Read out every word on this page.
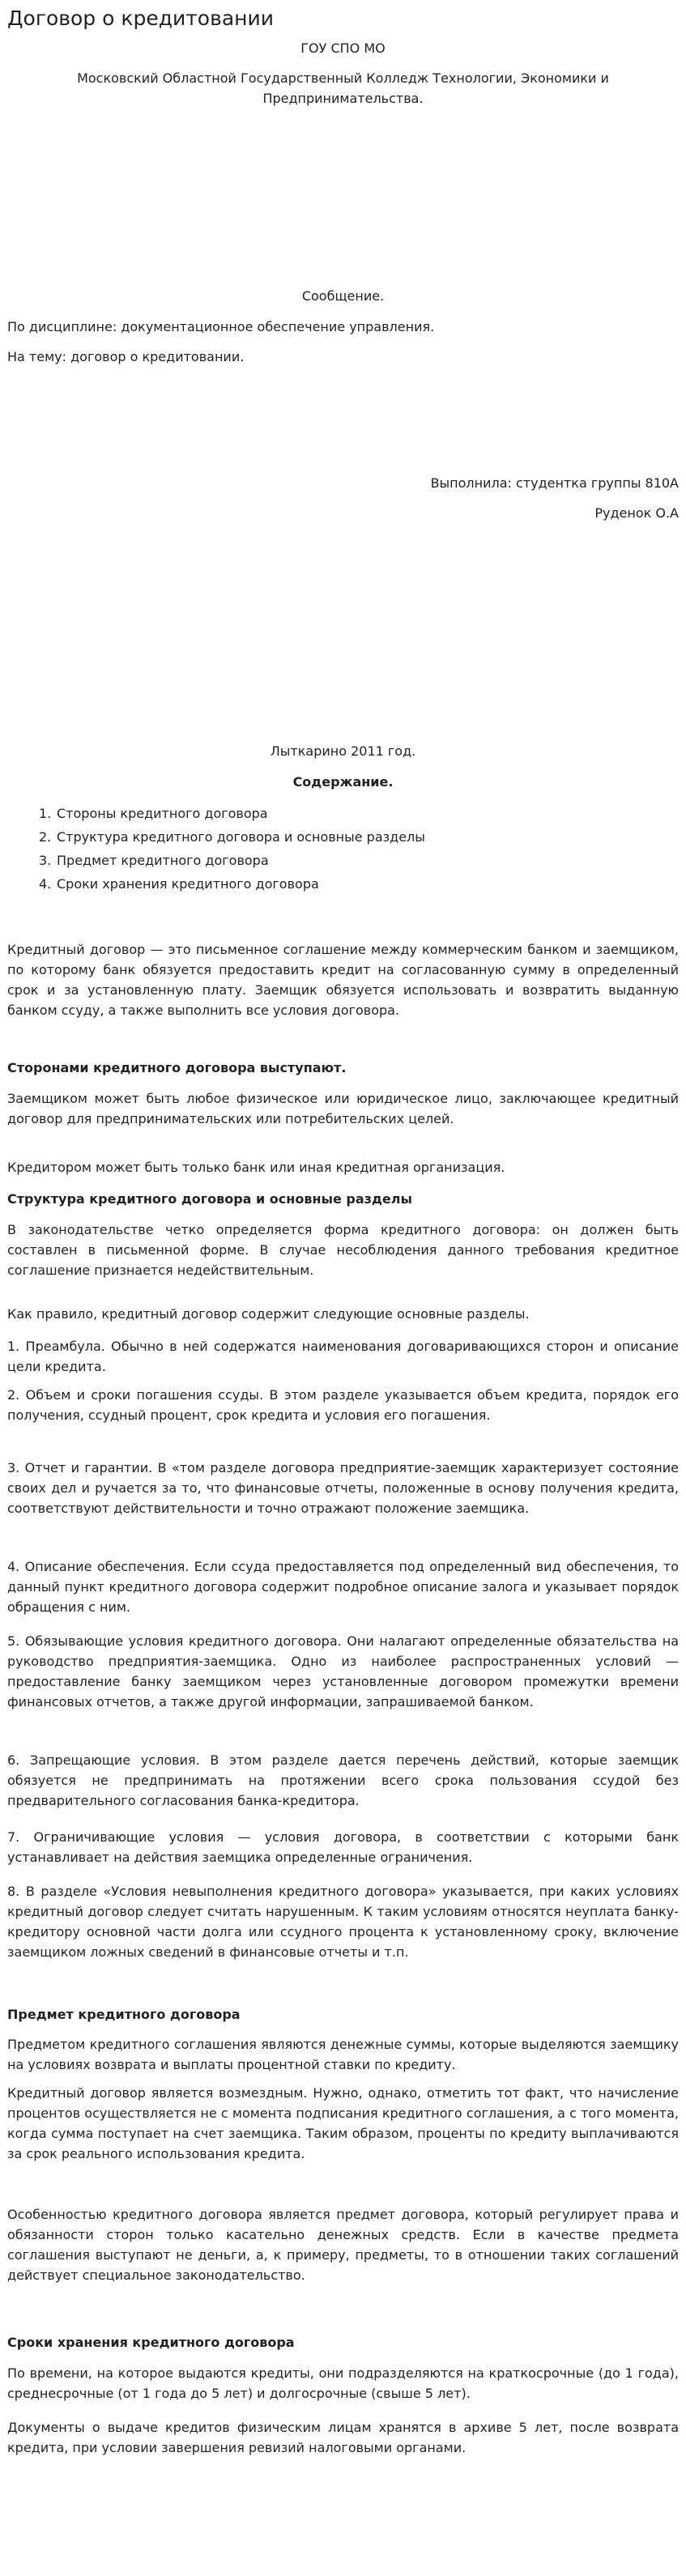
Договор о кредитовании

ГОУ СПО МО

Московский Областной Государственный Колледж Технологии, Экономики и Предпринимательства.

Сообщение.

По дисциплине: документационное обеспечение управления.

На тему: договор о кредитовании.

Выполнила: студентка группы 810А

Руденок О.А

Лыткарино 2011 год.

Содержание.

1. Стороны кредитного договора
2. Структура кредитного договора и основные разделы
3. Предмет кредитного договора
4. Сроки хранения кредитного договора

Кредитный договор — это письменное соглашение между коммерческим банком и заемщиком, по которому банк обязуется предоставить кредит на согласованную сумму в определенный срок и за установленную плату. Заемщик обязуется использовать и возвратить выданную банком ссуду, а также выполнить все условия договора.

Сторонами кредитного договора выступают.

Заемщиком может быть любое физическое или юридическое лицо, заключающее кредитный договор для предпринимательских или потребительских целей.

Кредитором может быть только банк или иная кредитная организация.

Структура кредитного договора и основные разделы

В законодательстве четко определяется форма кредитного договора: он должен быть составлен в письменной форме. В случае несоблюдения данного требования кредитное соглашение признается недействительным.

Как правило, кредитный договор содержит следующие основные разделы.

1. Преамбула. Обычно в ней содержатся наименования договаривающихся сторон и описание цели кредита.

2. Объем и сроки погашения ссуды. В этом разделе указывается объем кредита, порядок его получения, ссудный процент, срок кредита и условия его погашения.

3. Отчет и гарантии. В «том разделе договора предприятие-заемщик характеризует состояние своих дел и ручается за то, что финансовые отчеты, положенные в основу получения кредита, соответствуют действительности и точно отражают положение заемщика.

4. Описание обеспечения. Если ссуда предоставляется под определенный вид обеспечения, то данный пункт кредитного договора содержит подробное описание залога и указывает порядок обращения с ним.

5. Обязывающие условия кредитного договора. Они налагают определенные обязательства на руководство предприятия-заемщика. Одно из наиболее распространенных условий — предоставление банку заемщиком через установленные договором промежутки времени финансовых отчетов, а также другой информации, запрашиваемой банком.

6. Запрещающие условия. В этом разделе дается перечень действий, которые заемщик обязуется не предпринимать на протяжении всего срока пользования ссудой без предварительного согласования банка-кредитора.

7. Ограничивающие условия — условия договора, в соответствии с которыми банк устанавливает на действия заемщика определенные ограничения.

8. В разделе «Условия невыполнения кредитного договора» указывается, при каких условиях кредитный договор следует считать нарушенным. К таким условиям относятся неуплата банку-кредитору основной части долга или ссудного процента к установленному сроку, включение заемщиком ложных сведений в финансовые отчеты и т.п.

Предмет кредитного договора

Предметом кредитного соглашения являются денежные суммы, которые выделяются заемщику на условиях возврата и выплаты процентной ставки по кредиту.

Кредитный договор является возмездным. Нужно, однако, отметить тот факт, что начисление процентов осуществляется не с момента подписания кредитного соглашения, а с того момента, когда сумма поступает на счет заемщика. Таким образом, проценты по кредиту выплачиваются за срок реального использования кредита.

Особенностью кредитного договора является предмет договора, который регулирует права и обязанности сторон только касательно денежных средств. Если в качестве предмета соглашения выступают не деньги, а, к примеру, предметы, то в отношении таких соглашений действует специальное законодательство.

Сроки хранения кредитного договора

По времени, на которое выдаются кредиты, они подразделяются на краткосрочные (до 1 года), среднесрочные (от 1 года до 5 лет) и долгосрочные (свыше 5 лет).

Документы о выдаче кредитов физическим лицам хранятся в архиве 5 лет, после возврата кредита, при условии завершения ревизий налоговыми органами.
